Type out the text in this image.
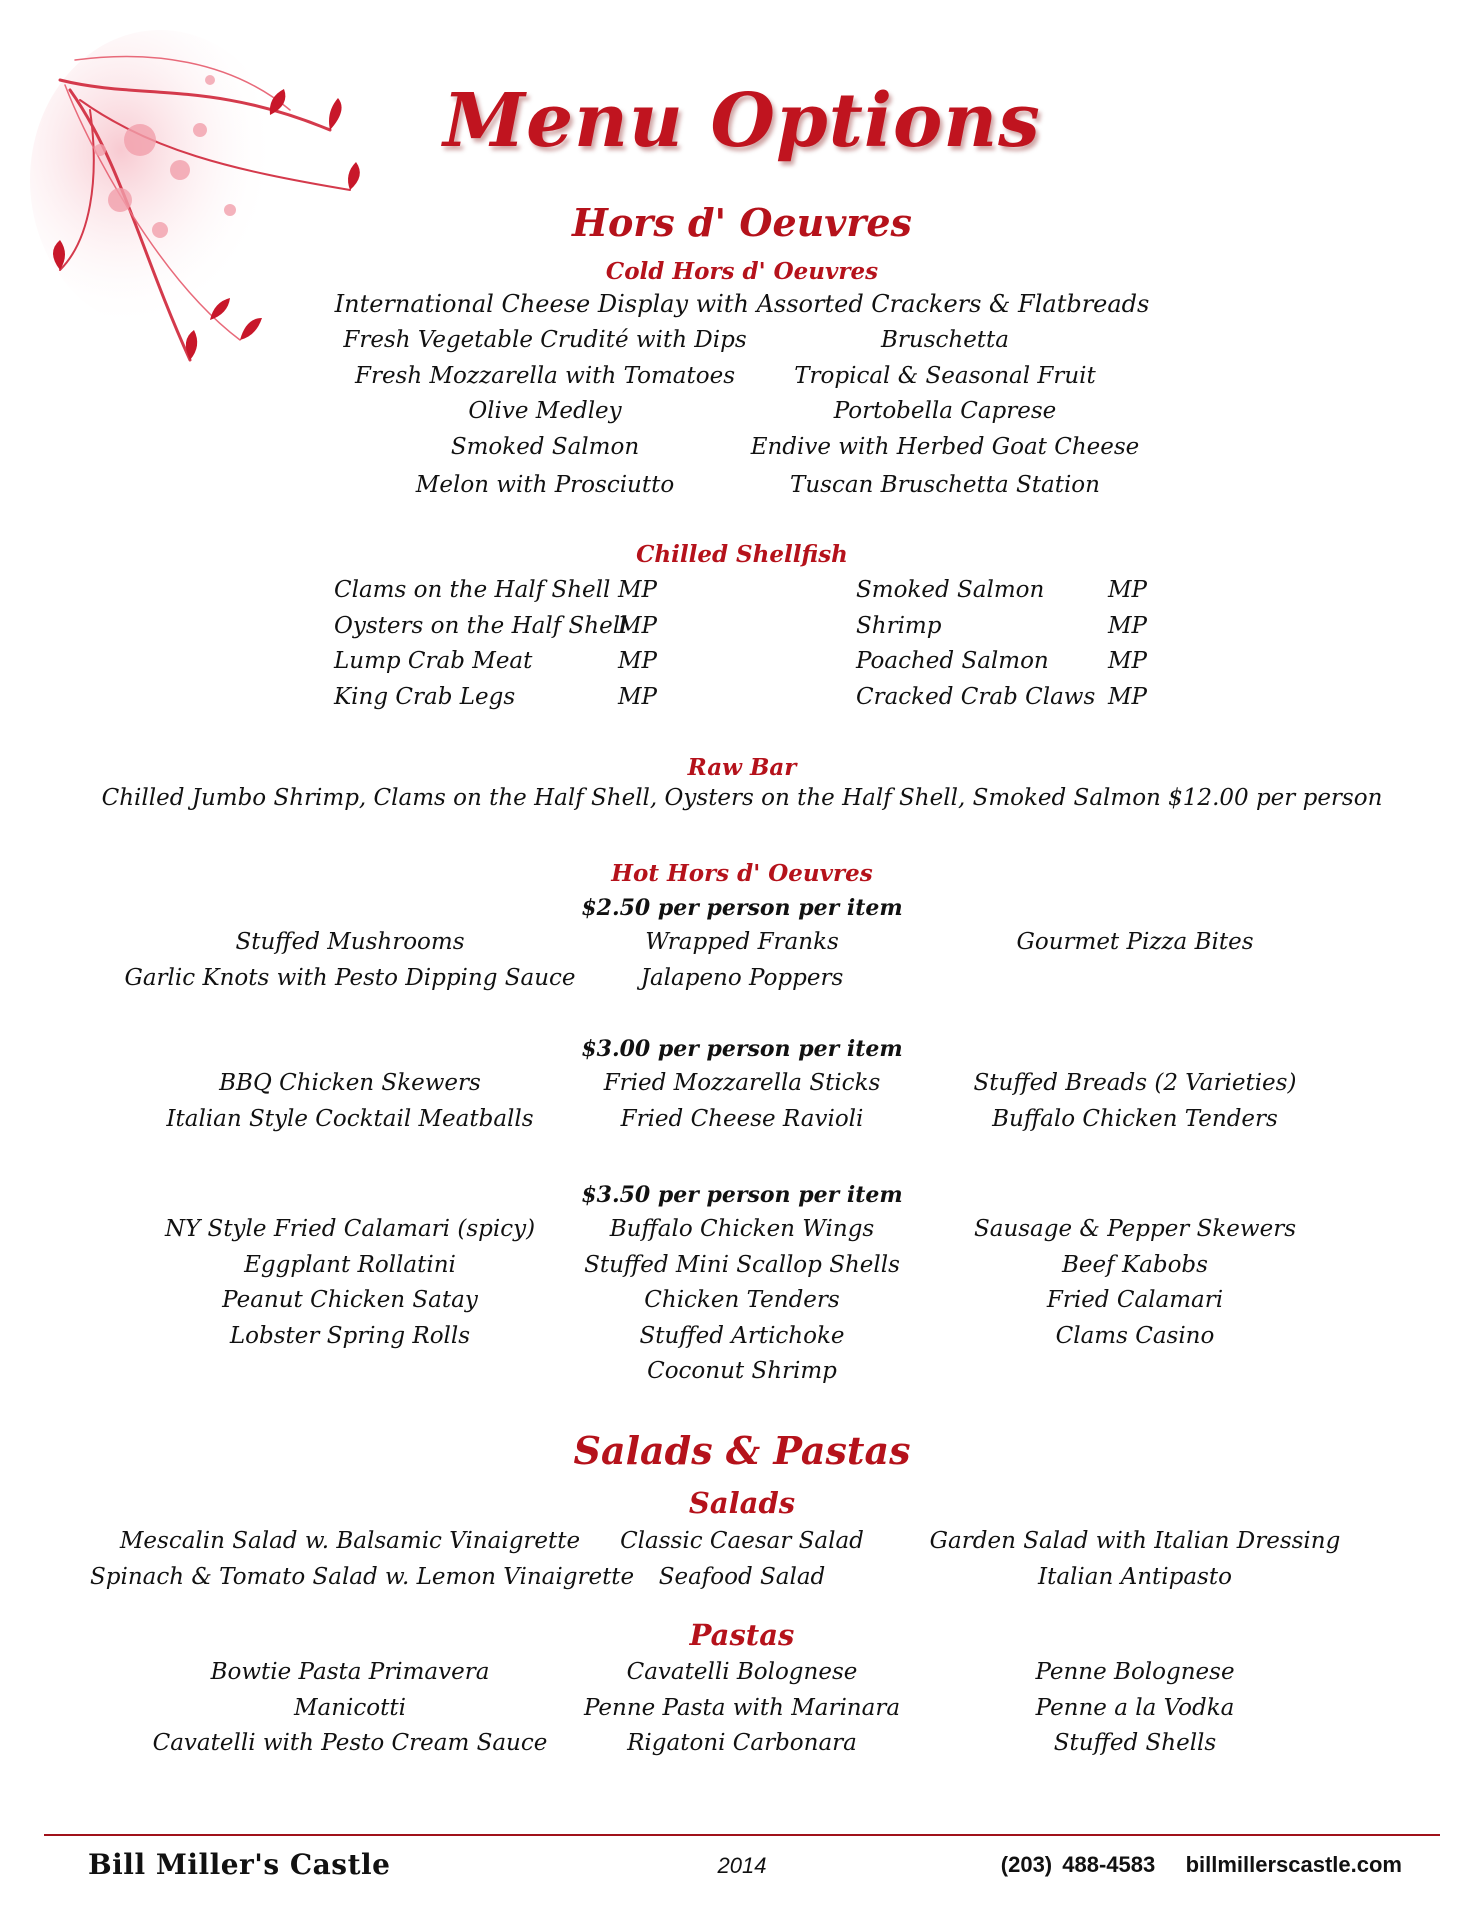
Menu Options
Hors d' Oeuvres
Cold Hors d' Oeuvres
International Cheese Display with Assorted Crackers & Flatbreads
Fresh Vegetable Crudité with Dips
Fresh Mozzarella with Tomatoes
Olive Medley
Smoked Salmon
Melon with Prosciutto
Bruschetta
Tropical & Seasonal Fruit
Portobella Caprese
Endive with Herbed Goat Cheese
Tuscan Bruschetta Station
Chilled Shellfish
Clams on the Half Shell
Oysters on the Half Shell
Lump Crab Meat
King Crab Legs
MP
MP
MP
MP
Smoked Salmon
Shrimp
Poached Salmon
Cracked Crab Claws
MP
MP
MP
MP
Raw Bar
Chilled Jumbo Shrimp, Clams on the Half Shell, Oysters on the Half Shell, Smoked Salmon $12.00 per person
Hot Hors d' Oeuvres
$2.50 per person per item
Stuffed Mushrooms
Garlic Knots with Pesto Dipping Sauce
Wrapped Franks
Jalapeno Poppers
Gourmet Pizza Bites
$3.00 per person per item
BBQ Chicken Skewers
Italian Style Cocktail Meatballs
Fried Mozzarella Sticks
Fried Cheese Ravioli
Stuffed Breads (2 Varieties)
Buffalo Chicken Tenders
$3.50 per person per item
NY Style Fried Calamari (spicy)
Eggplant Rollatini
Peanut Chicken Satay
Lobster Spring Rolls
Buffalo Chicken Wings
Stuffed Mini Scallop Shells
Chicken Tenders
Stuffed Artichoke
Coconut Shrimp
Sausage & Pepper Skewers
Beef Kabobs
Fried Calamari
Clams Casino
Salads & Pastas
Salads
Mescalin Salad w. Balsamic Vinaigrette
Spinach & Tomato Salad w. Lemon Vinaigrette
Classic Caesar Salad
Seafood Salad
Garden Salad with Italian Dressing
Italian Antipasto
Pastas
Bowtie Pasta Primavera
Manicotti
Cavatelli with Pesto Cream Sauce
Cavatelli Bolognese
Penne Pasta with Marinara
Rigatoni Carbonara
Penne Bolognese
Penne a la Vodka
Stuffed Shells
Bill Miller's Castle	2014	(203) 488-4583 billmillerscastle.com
